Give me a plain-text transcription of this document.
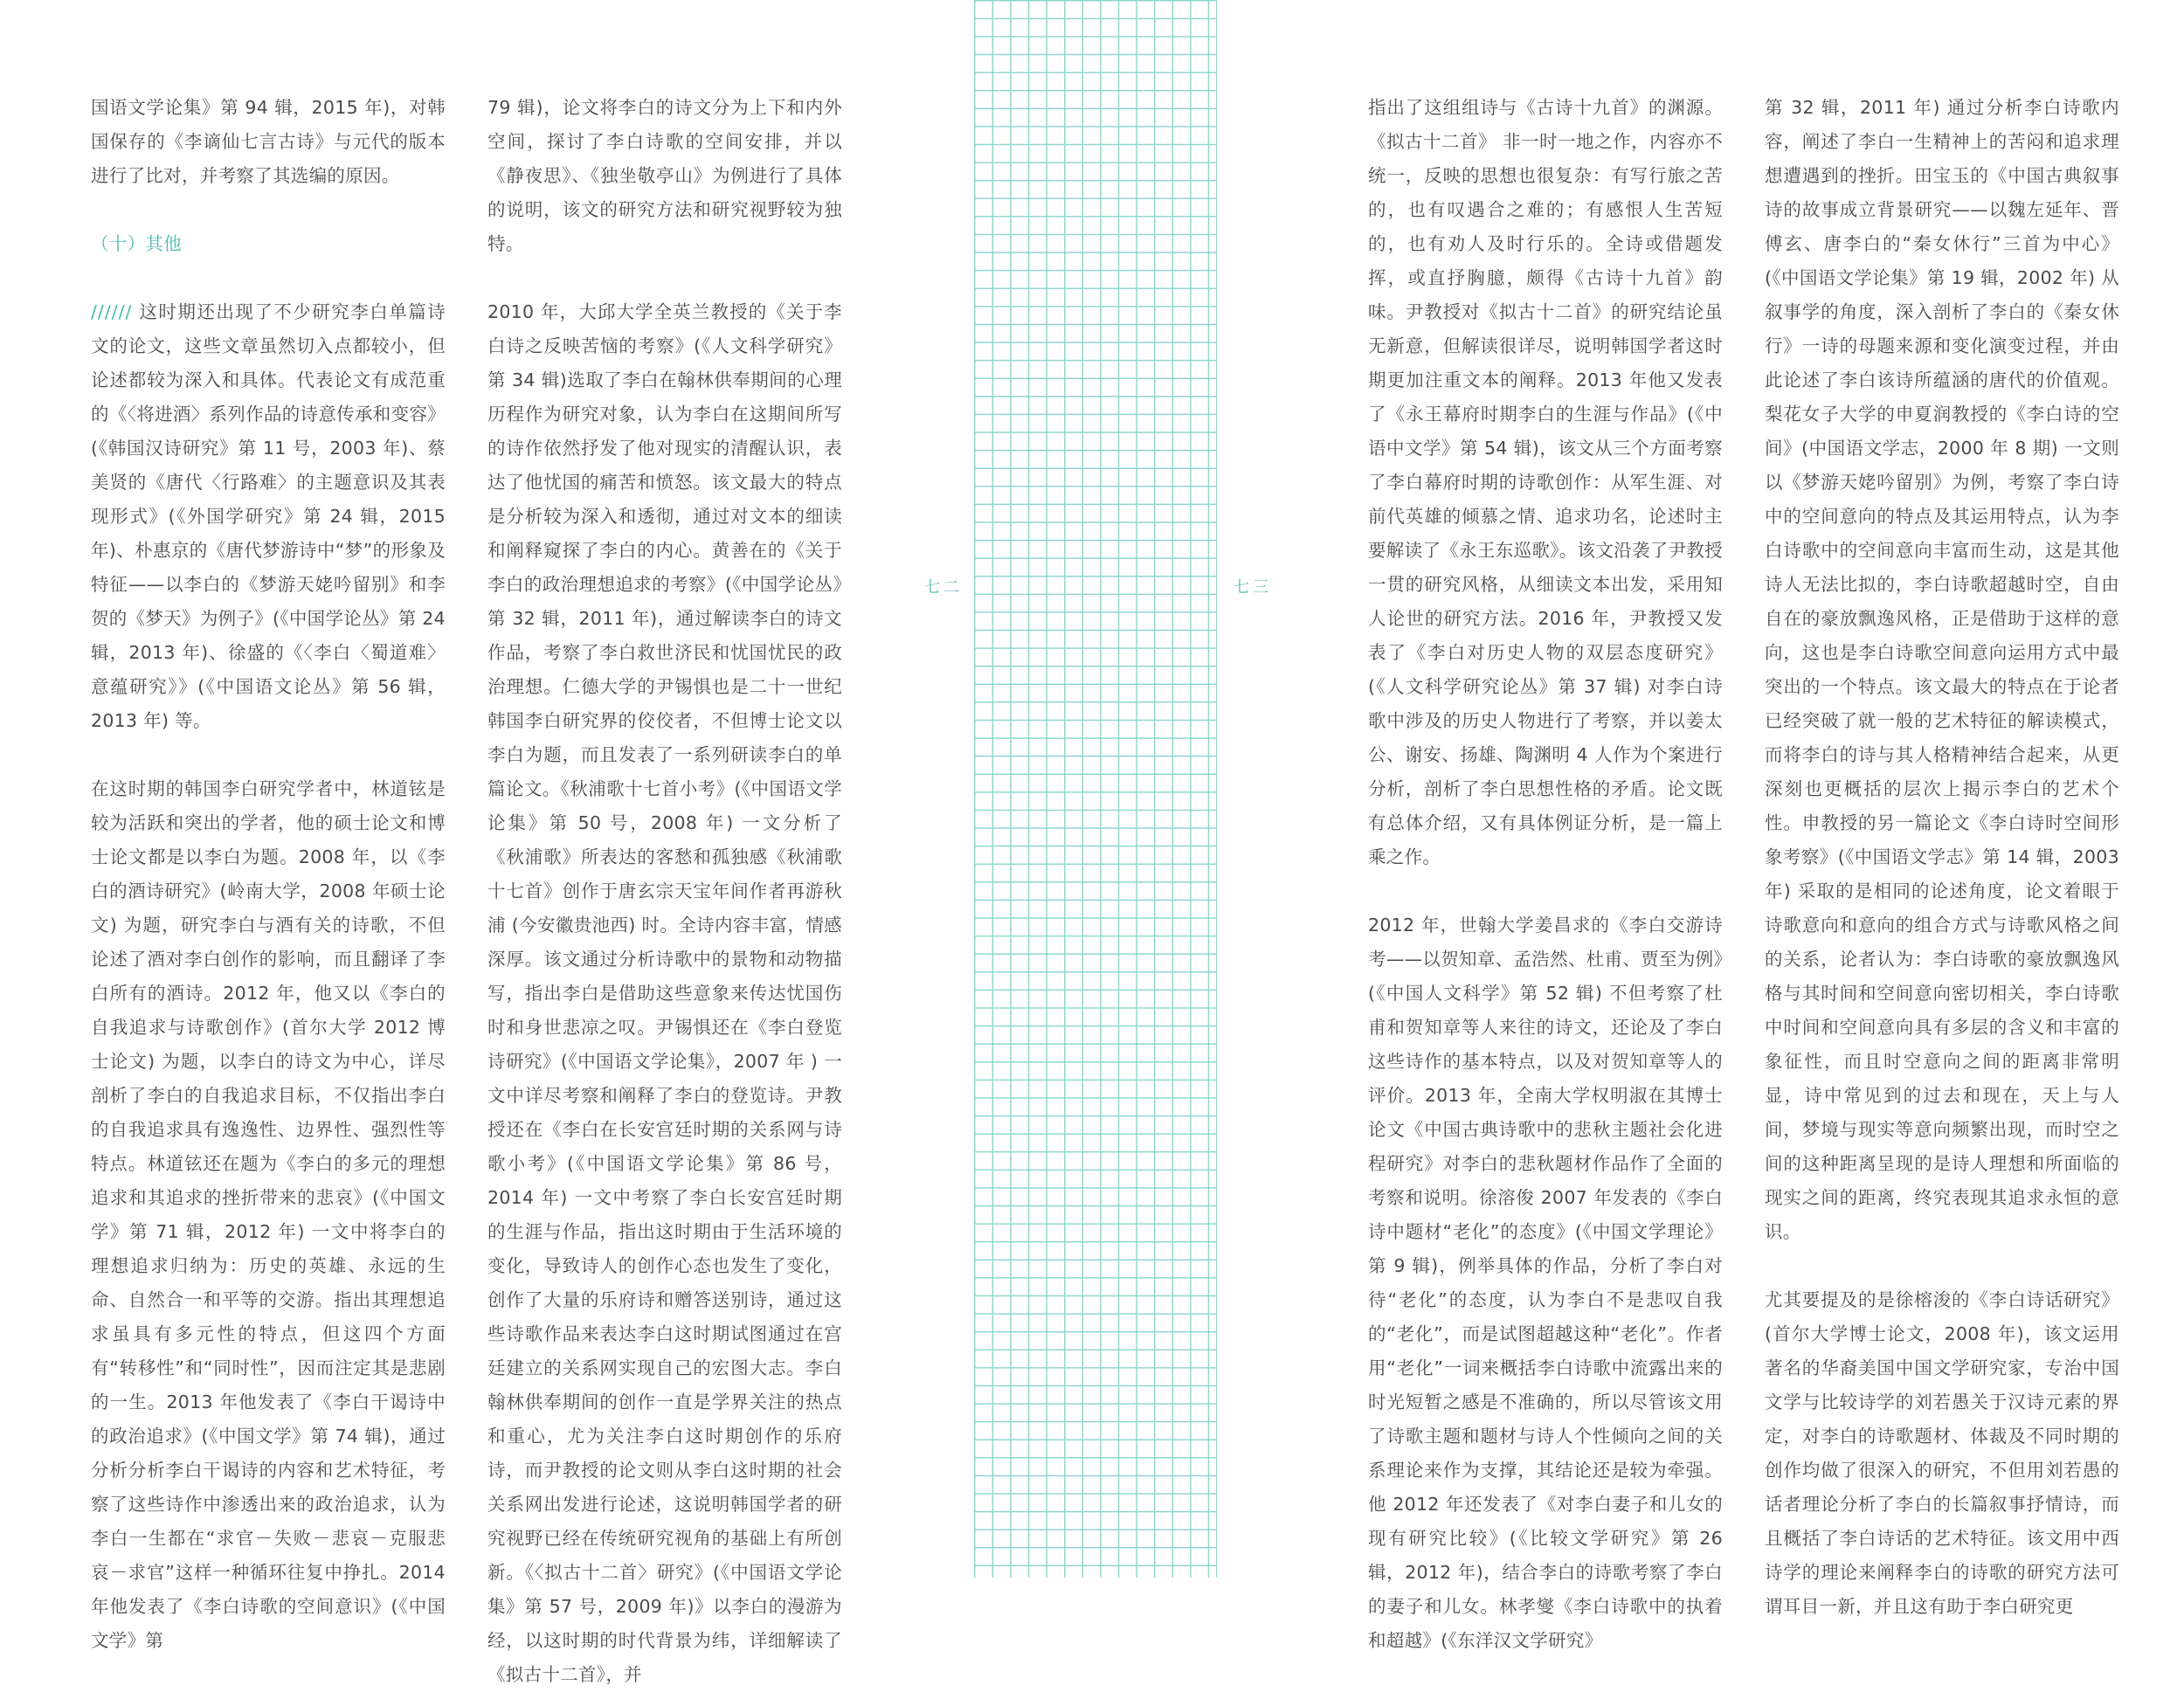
国语文学论集》第 94 辑，2015 年)，对韩国保存的《李谪仙七言古诗》与元代的版本进行了比对，并考察了其选编的原因。

（十）其他

////// 这时期还出现了不少研究李白单篇诗文的论文，这些文章虽然切入点都较小，但论述都较为深入和具体。代表论文有成范重的《〈将进酒〉系列作品的诗意传承和变容》(《韩国汉诗研究》第 11 号，2003 年)、蔡美贤的《唐代〈行路难〉的主题意识及其表现形式》(《外国学研究》第 24 辑，2015 年)、朴惠京的《唐代梦游诗中“梦”的形象及特征——以李白的《梦游天姥吟留别》和李贺的《梦天》为例子》(《中国学论丛》第 24 辑，2013 年)、徐盛的《〈李白〈蜀道难〉意蕴研究》》(《中国语文论丛》第 56 辑，2013 年) 等。

在这时期的韩国李白研究学者中，林道铉是较为活跃和突出的学者，他的硕士论文和博士论文都是以李白为题。2008 年，以《李白的酒诗研究》(岭南大学，2008 年硕士论文) 为题，研究李白与酒有关的诗歌，不但论述了酒对李白创作的影响，而且翻译了李白所有的酒诗。2012 年，他又以《李白的自我追求与诗歌创作》(首尔大学 2012 博士论文) 为题，以李白的诗文为中心，详尽剖析了李白的自我追求目标，不仅指出李白的自我追求具有逸逸性、边界性、强烈性等特点。林道铉还在题为《李白的多元的理想追求和其追求的挫折带来的悲哀》(《中国文学》第 71 辑，2012 年) 一文中将李白的理想追求归纳为：历史的英雄、永远的生命、自然合一和平等的交游。指出其理想追求虽具有多元性的特点，但这四个方面有“转移性”和“同时性”，因而注定其是悲剧的一生。2013 年他发表了《李白干谒诗中的政治追求》(《中国文学》第 74 辑)，通过分析分析李白干谒诗的内容和艺术特征，考察了这些诗作中渗透出来的政治追求，认为李白一生都在“求官－失败－悲哀－克服悲哀－求官”这样一种循环往复中挣扎。2014 年他发表了《李白诗歌的空间意识》(《中国文学》第

79 辑)，论文将李白的诗文分为上下和内外空间，探讨了李白诗歌的空间安排，并以《静夜思》、《独坐敬亭山》为例进行了具体的说明，该文的研究方法和研究视野较为独特。

2010 年，大邱大学全英兰教授的《关于李白诗之反映苦恼的考察》(《人文科学研究》第 34 辑)选取了李白在翰林供奉期间的心理历程作为研究对象，认为李白在这期间所写的诗作依然抒发了他对现实的清醒认识，表达了他忧国的痛苦和愤怒。该文最大的特点是分析较为深入和透彻，通过对文本的细读和阐释窥探了李白的内心。黄善在的《关于李白的政治理想追求的考察》(《中国学论丛》第 32 辑，2011 年)，通过解读李白的诗文作品，考察了李白救世济民和忧国忧民的政治理想。仁德大学的尹锡惧也是二十一世纪韩国李白研究界的佼佼者，不但博士论文以李白为题，而且发表了一系列研读李白的单篇论文。《秋浦歌十七首小考》(《中国语文学论集》第 50 号，2008 年) 一文分析了《秋浦歌》所表达的客愁和孤独感《秋浦歌十七首》创作于唐玄宗天宝年间作者再游秋浦 (今安徽贵池西) 时。全诗内容丰富，情感深厚。该文通过分析诗歌中的景物和动物描写，指出李白是借助这些意象来传达忧国伤时和身世悲凉之叹。尹锡惧还在《李白登览诗研究》(《中国语文学论集》，2007 年 ) 一文中详尽考察和阐释了李白的登览诗。尹教授还在《李白在长安宫廷时期的关系网与诗歌小考》(《中国语文学论集》第 86 号，2014 年) 一文中考察了李白长安宫廷时期的生涯与作品，指出这时期由于生活环境的变化，导致诗人的创作心态也发生了变化，创作了大量的乐府诗和赠答送别诗，通过这些诗歌作品来表达李白这时期试图通过在宫廷建立的关系网实现自己的宏图大志。李白翰林供奉期间的创作一直是学界关注的热点和重心，尤为关注李白这时期创作的乐府诗，而尹教授的论文则从李白这时期的社会关系网出发进行论述，这说明韩国学者的研究视野已经在传统研究视角的基础上有所创新。《〈拟古十二首〉研究》(《中国语文学论集》第 57 号，2009 年)》以李白的漫游为经，以这时期的时代背景为纬，详细解读了《拟古十二首》，并

七二	七三

指出了这组组诗与《古诗十九首》的渊源。《拟古十二首》 非一时一地之作，内容亦不统一，反映的思想也很复杂：有写行旅之苦的，也有叹遇合之难的；有感恨人生苦短的，也有劝人及时行乐的。全诗或借题发挥，或直抒胸臆，颇得《古诗十九首》韵味。尹教授对《拟古十二首》的研究结论虽无新意，但解读很详尽，说明韩国学者这时期更加注重文本的阐释。2013 年他又发表了《永王幕府时期李白的生涯与作品》(《中语中文学》第 54 辑)，该文从三个方面考察了李白幕府时期的诗歌创作：从军生涯、对前代英雄的倾慕之情、追求功名，论述时主要解读了《永王东巡歌》。该文沿袭了尹教授一贯的研究风格，从细读文本出发，采用知人论世的研究方法。2016 年，尹教授又发表了《李白对历史人物的双层态度研究》(《人文科学研究论丛》第 37 辑) 对李白诗歌中涉及的历史人物进行了考察，并以姜太公、谢安、扬雄、陶渊明 4 人作为个案进行分析，剖析了李白思想性格的矛盾。论文既有总体介绍，又有具体例证分析，是一篇上乘之作。

2012 年，世翰大学姜昌求的《李白交游诗考——以贺知章、孟浩然、杜甫、贾至为例》(《中国人文科学》第 52 辑) 不但考察了杜甫和贺知章等人来往的诗文，还论及了李白这些诗作的基本特点，以及对贺知章等人的评价。2013 年，全南大学权明淑在其博士论文《中国古典诗歌中的悲秋主题社会化进程研究》对李白的悲秋题材作品作了全面的考察和说明。徐溶俊 2007 年发表的《李白诗中题材“老化”的态度》(《中国文学理论》第 9 辑)，例举具体的作品，分析了李白对待“老化”的态度，认为李白不是悲叹自我的“老化”，而是试图超越这种“老化”。作者用“老化”一词来概括李白诗歌中流露出来的时光短暂之感是不准确的，所以尽管该文用了诗歌主题和题材与诗人个性倾向之间的关系理论来作为支撑，其结论还是较为牵强。他 2012 年还发表了《对李白妻子和儿女的现有研究比较》(《比较文学研究》第 26 辑，2012 年)，结合李白的诗歌考察了李白的妻子和儿女。林孝燮《李白诗歌中的执着和超越》(《东洋汉文学研究》

第 32 辑，2011 年) 通过分析李白诗歌内容，阐述了李白一生精神上的苦闷和追求理想遭遇到的挫折。田宝玉的《中国古典叙事诗的故事成立背景研究——以魏左延年、晋傅玄、唐李白的“秦女休行”三首为中心》(《中国语文学论集》第 19 辑，2002 年) 从叙事学的角度，深入剖析了李白的《秦女休行》一诗的母题来源和变化演变过程，并由此论述了李白该诗所蕴涵的唐代的价值观。梨花女子大学的申夏润教授的《李白诗的空间》(中国语文学志，2000 年 8 期) 一文则以《梦游天姥吟留别》为例，考察了李白诗中的空间意向的特点及其运用特点，认为李白诗歌中的空间意向丰富而生动，这是其他诗人无法比拟的，李白诗歌超越时空，自由自在的豪放飘逸风格，正是借助于这样的意向，这也是李白诗歌空间意向运用方式中最突出的一个特点。该文最大的特点在于论者已经突破了就一般的艺术特征的解读模式，而将李白的诗与其人格精神结合起来，从更深刻也更概括的层次上揭示李白的艺术个性。申教授的另一篇论文《李白诗时空间形象考察》(《中国语文学志》第 14 辑，2003 年) 采取的是相同的论述角度，论文着眼于诗歌意向和意向的组合方式与诗歌风格之间的关系，论者认为：李白诗歌的豪放飘逸风格与其时间和空间意向密切相关，李白诗歌中时间和空间意向具有多层的含义和丰富的象征性，而且时空意向之间的距离非常明显，诗中常见到的过去和现在，天上与人间，梦境与现实等意向频繁出现，而时空之间的这种距离呈现的是诗人理想和所面临的现实之间的距离，终究表现其追求永恒的意识。

尤其要提及的是徐榕浚的《李白诗话研究》(首尔大学博士论文，2008 年)，该文运用著名的华裔美国中国文学研究家，专治中国文学与比较诗学的刘若愚关于汉诗元素的界定，对李白的诗歌题材、体裁及不同时期的创作均做了很深入的研究，不但用刘若愚的话者理论分析了李白的长篇叙事抒情诗，而且概括了李白诗话的艺术特征。该文用中西诗学的理论来阐释李白的诗歌的研究方法可谓耳目一新，并且这有助于李白研究更
